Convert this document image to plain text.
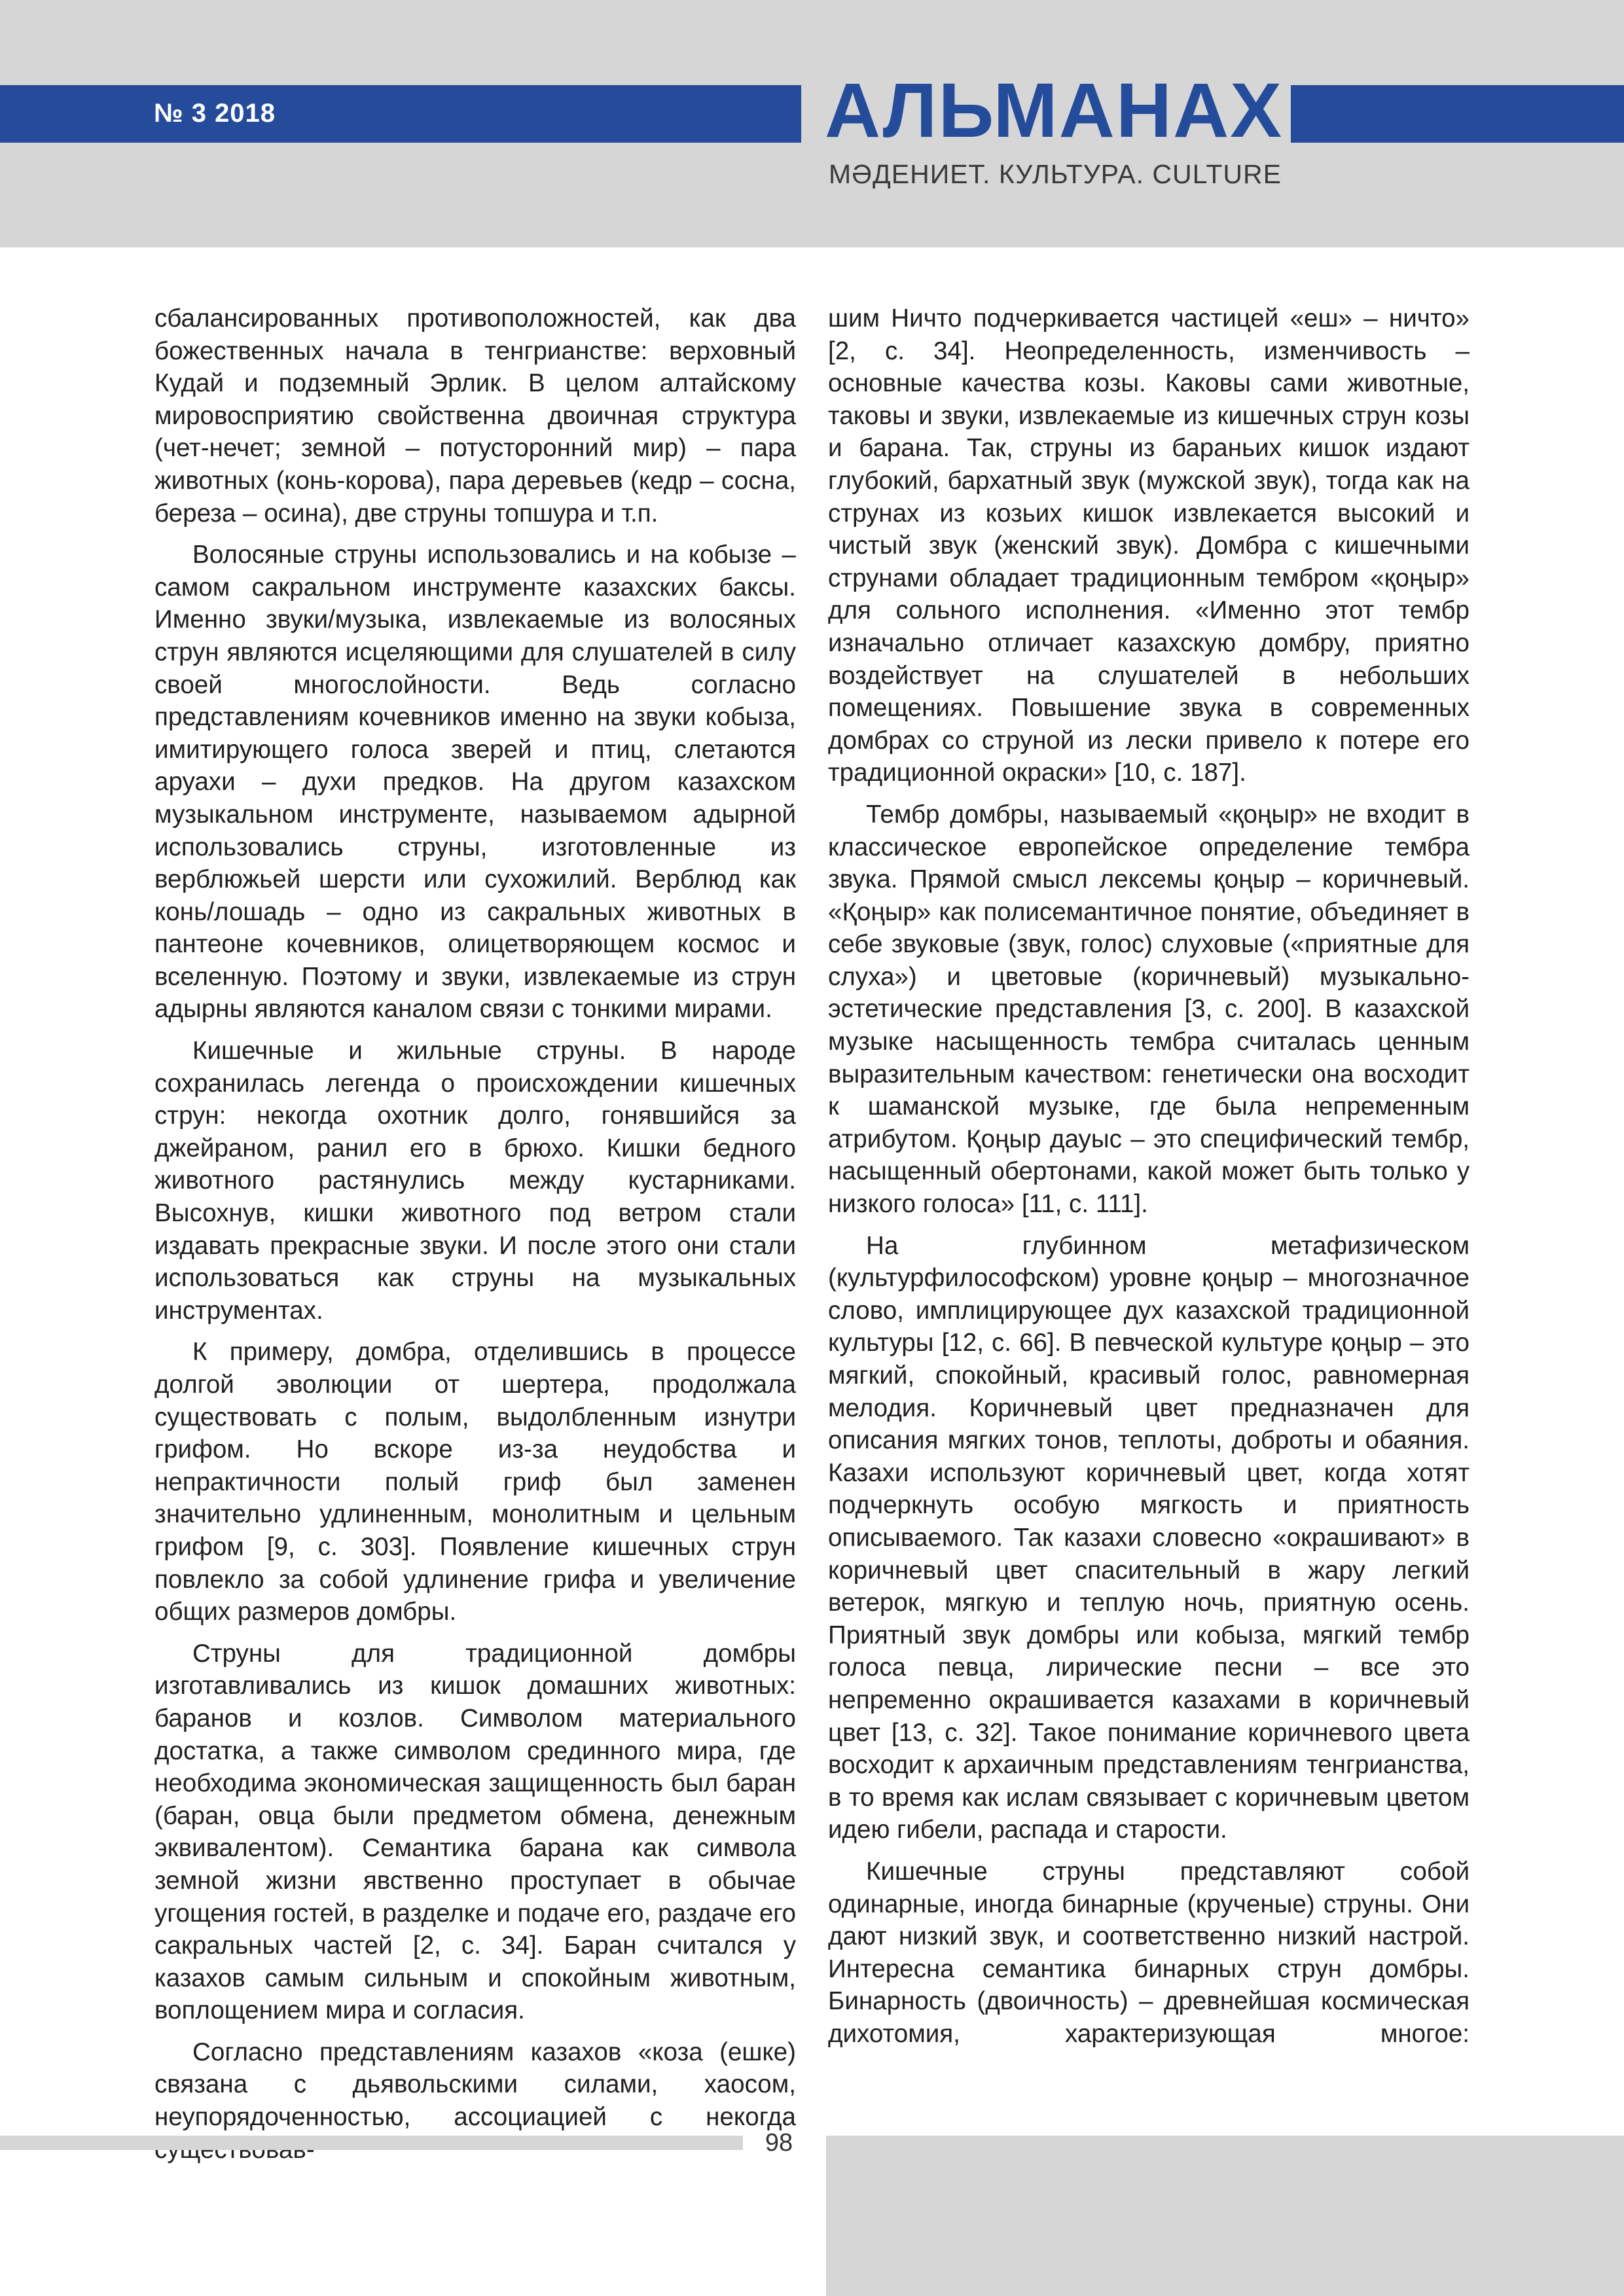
№ 3 2018	АЛЬМАНАХ
МӘДЕНИЕТ. КУЛЬТУРА. CULTURE

сбалансированных противоположностей, как два божественных начала в тенгрианстве: верховный Кудай и подземный Эрлик. В целом алтайскому мировосприятию свойственна двоичная структура (чет-нечет; земной – потусторонний мир) – пара животных (конь-корова), пара деревьев (кедр – сосна, береза – осина), две струны топшура и т.п.

Волосяные струны использовались и на кобызе – самом сакральном инструменте казахских баксы. Именно звуки/музыка, извлекаемые из волосяных струн являются исцеляющими для слушателей в силу своей многослойности. Ведь согласно представлениям кочевников именно на звуки кобыза, имитирующего голоса зверей и птиц, слетаются аруахи – духи предков. На другом казахском музыкальном инструменте, называемом адырной использовались струны, изготовленные из верблюжьей шерсти или сухожилий. Верблюд как конь/лошадь – одно из сакральных животных в пантеоне кочевников, олицетворяющем космос и вселенную. Поэтому и звуки, извлекаемые из струн адырны являются каналом связи с тонкими мирами.

Кишечные и жильные струны. В народе сохранилась легенда о происхождении кишечных струн: некогда охотник долго, гонявшийся за джейраном, ранил его в брюхо. Кишки бедного животного растянулись между кустарниками. Высохнув, кишки животного под ветром стали издавать прекрасные звуки. И после этого они стали использоваться как струны на музыкальных инструментах.

К примеру, домбра, отделившись в процессе долгой эволюции от шертера, продолжала существовать с полым, выдолбленным изнутри грифом. Но вскоре из-за неудобства и непрактичности полый гриф был заменен значительно удлиненным, монолитным и цельным грифом [9, с. 303]. Появление кишечных струн повлекло за собой удлинение грифа и увеличение общих размеров домбры.

Струны для традиционной домбры изготавливались из кишок домашних животных: баранов и козлов. Символом материального достатка, а также символом срединного мира, где необходима экономическая защищенность был баран (баран, овца были предметом обмена, денежным эквивалентом). Семантика барана как символа земной жизни явственно проступает в обычае угощения гостей, в разделке и подаче его, раздаче его сакральных частей [2, с. 34]. Баран считался у казахов самым сильным и спокойным животным, воплощением мира и согласия.

Согласно представлениям казахов «коза (ешке) связана с дьявольскими силами, хаосом, неупорядоченностью, ассоциацией с некогда

шим Ничто подчеркивается частицей «еш» – ничто» [2, с. 34]. Неопределенность, изменчивость – основные качества козы. Каковы сами животные, таковы и звуки, извлекаемые из кишечных струн козы и барана. Так, струны из бараньих кишок издают глубокий, бархатный звук (мужской звук), тогда как на струнах из козьих кишок извлекается высокий и чистый звук (женский звук). Домбра с кишечными струнами обладает традиционным тембром «қоңыр» для сольного исполнения. «Именно этот тембр изначально отличает казахскую домбру, приятно воздействует на слушателей в небольших помещениях. Повышение звука в современных домбрах со струной из лески привело к потере его традиционной окраски» [10, с. 187].

Тембр домбры, называемый «қоңыр» не входит в классическое европейское определение тембра звука. Прямой смысл лексемы қоңыр – коричневый. «Қоңыр» как полисемантичное понятие, объединяет в себе звуковые (звук, голос) слуховые («приятные для слуха») и цветовые (коричневый) музыкально-эстетические представления [3, с. 200]. В казахской музыке насыщенность тембра считалась ценным выразительным качеством: генетически она восходит к шаманской музыке, где была непременным атрибутом. Қоңыр дауыс – это специфический тембр, насыщенный обертонами, какой может быть только у низкого голоса» [11, с. 111].

На глубинном метафизическом (культурфилософском) уровне қоңыр – многозначное слово, имплицирующее дух казахской традиционной культуры [12, с. 66]. В певческой культуре қоңыр – это мягкий, спокойный, красивый голос, равномерная мелодия. Коричневый цвет предназначен для описания мягких тонов, теплоты, доброты и обаяния. Казахи используют коричневый цвет, когда хотят подчеркнуть особую мягкость и приятность описываемого. Так казахи словесно «окрашивают» в коричневый цвет спасительный в жару легкий ветерок, мягкую и теплую ночь, приятную осень. Приятный звук домбры или кобыза, мягкий тембр голоса певца, лирические песни – все это непременно окрашивается казахами в коричневый цвет [13, с. 32]. Такое понимание коричневого цвета восходит к архаичным представлениям тенгрианства, в то время как ислам связывает с коричневым цветом идею гибели, распада и старости.

Кишечные струны представляют собой одинарные, иногда бинарные (крученые) струны. Они дают низкий звук, и соответственно низкий настрой. Интересна семантика бинарных струн домбры. Бинарность (двоичность) – древнейшая космическая дихотомия, характеризующая многое:

98
